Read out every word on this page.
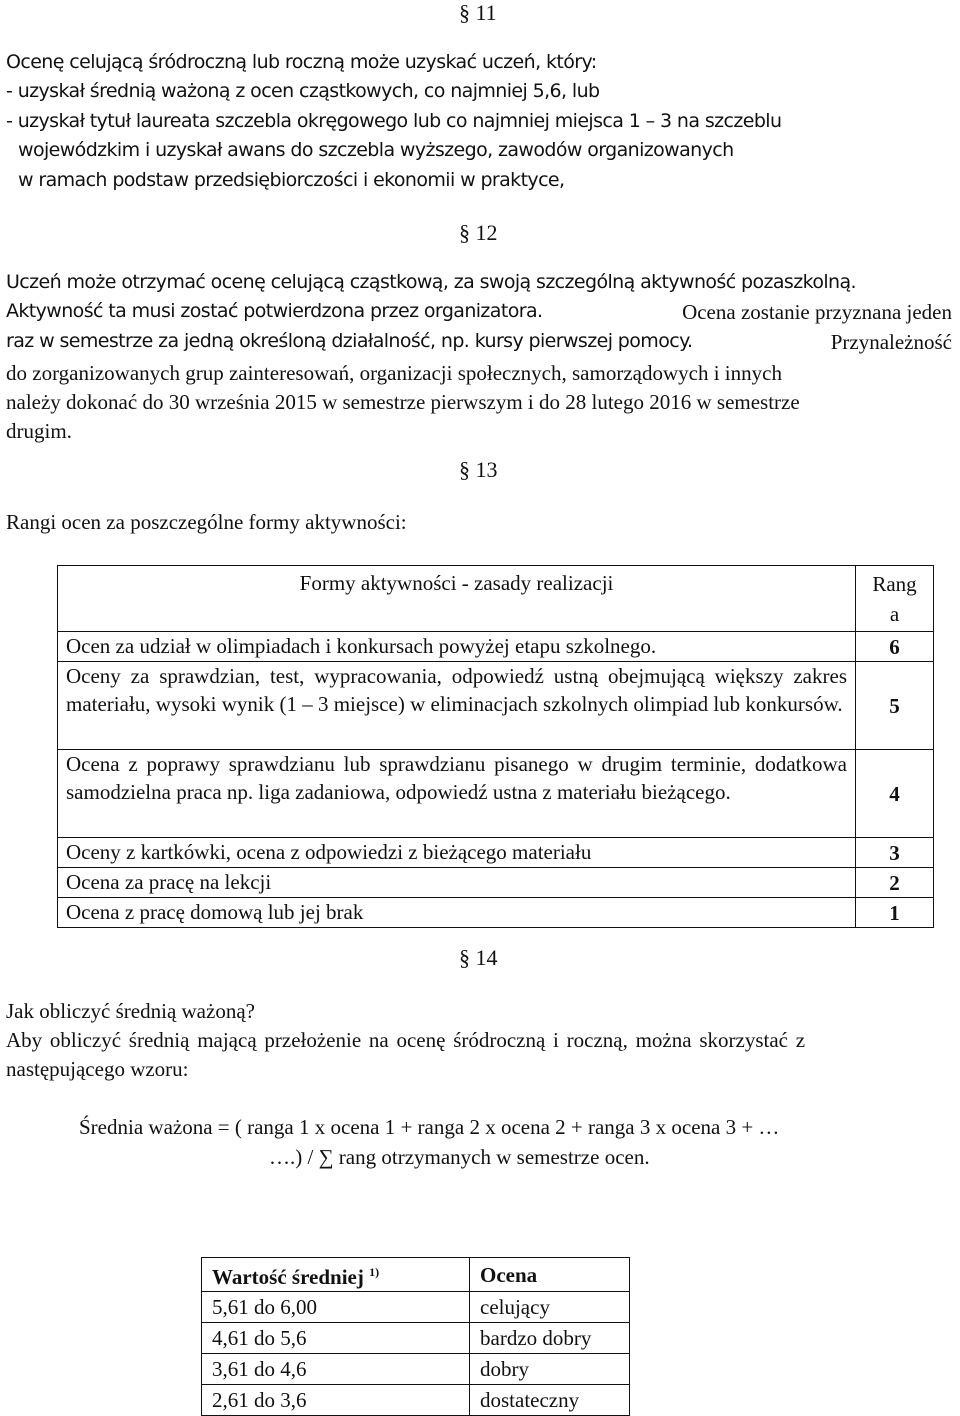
§ 11
Ocenę celującą śródroczną lub roczną może uzyskać uczeń, który:
- uzyskał średnią ważoną z ocen cząstkowych, co najmniej 5,6, lub
- uzyskał tytuł laureata szczebla okręgowego lub co najmniej miejsca 1 – 3 na szczeblu
wojewódzkim i uzyskał awans do szczebla wyższego, zawodów organizowanych
w ramach podstaw przedsiębiorczości i ekonomii w praktyce,
§ 12
Uczeń może otrzymać ocenę celującą cząstkową, za swoją szczególną aktywność pozaszkolną.
Aktywność ta musi zostać potwierdzona przez organizatora.	Ocena zostanie przyznana jeden
raz w semestrze za jedną określoną działalność, np. kursy pierwszej pomocy.	Przynależność
do zorganizowanych grup zainteresowań, organizacji społecznych, samorządowych i innych
należy dokonać do 30 września 2015 w semestrze pierwszym i do 28 lutego 2016 w semestrze
drugim.
§ 13
Rangi ocen za poszczególne formy aktywności:
Formy aktywności - zasady realizacji	Rang
a
Ocen za udział w olimpiadach i konkursach powyżej etapu szkolnego.	6
Oceny za sprawdzian, test, wypracowania, odpowiedź ustną obejmującą większy zakres materiału, wysoki wynik (1 – 3 miejsce) w eliminacjach szkolnych olimpiad lub konkursów.	5
Ocena z poprawy sprawdzianu lub sprawdzianu pisanego w drugim terminie, dodatkowa samodzielna praca np. liga zadaniowa, odpowiedź ustna z materiału bieżącego.	4
Oceny z kartkówki, ocena z odpowiedzi z bieżącego materiału	3
Ocena za pracę na lekcji	2
Ocena z pracę domową lub jej brak	1
§ 14
Jak obliczyć średnią ważoną?
Aby obliczyć średnią mającą przełożenie na ocenę śródroczną i roczną, można skorzystać z
następującego wzoru:
Średnia ważona = ( ranga 1 x ocena 1 + ranga 2 x ocena 2 + ranga 3 x ocena 3 + …
….) / ∑ rang otrzymanych w semestrze ocen.
Wartość średniej $^{1)}$	Ocena
5,61 do 6,00	celujący
4,61 do 5,6	bardzo dobry
3,61 do 4,6	dobry
2,61 do 3,6	dostateczny
